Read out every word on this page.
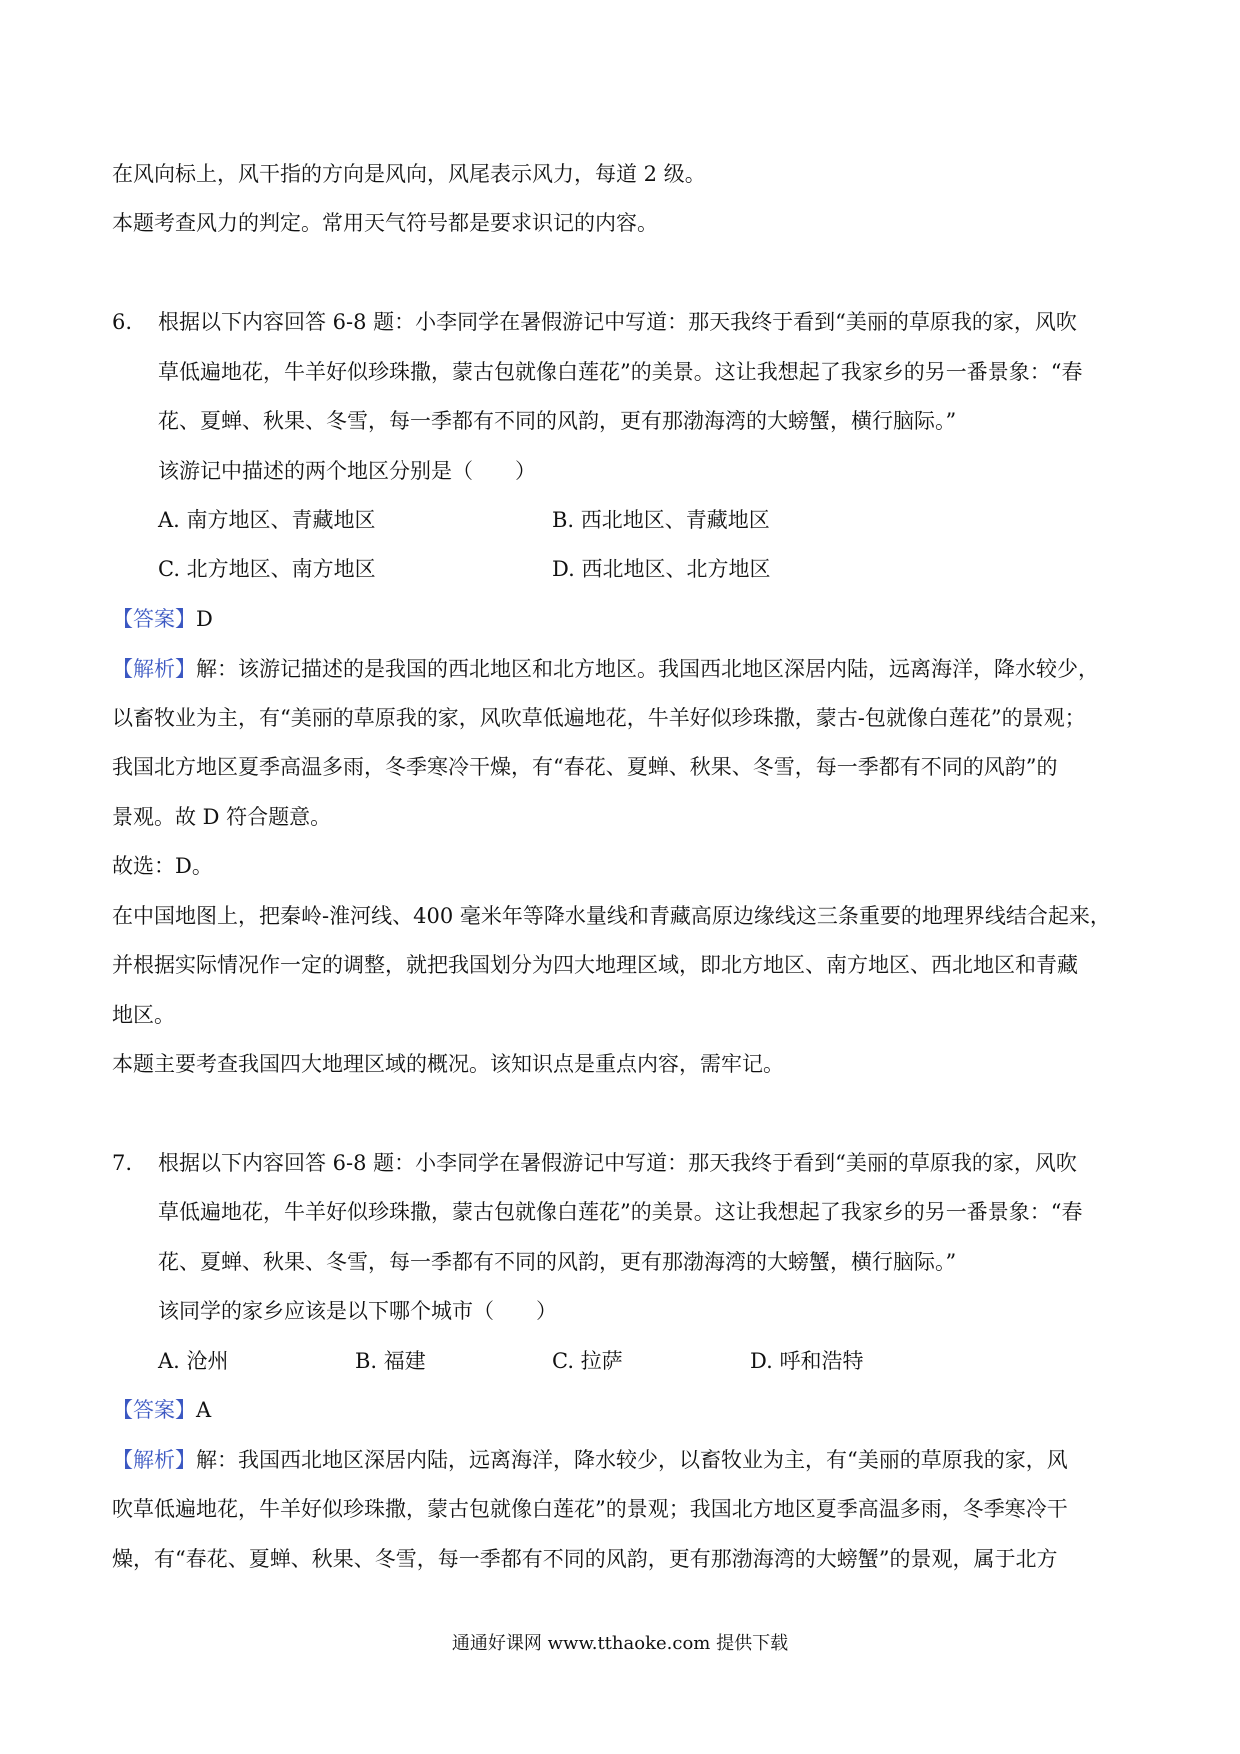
在风向标上，风干指的方向是风向，风尾表示风力，每道 2 级。
本题考查风力的判定。常用天气符号都是要求识记的内容。
6. 根据以下内容回答 6-8 题：小李同学在暑假游记中写道：那天我终于看到“美丽的草原我的家，风吹
草低遍地花，牛羊好似珍珠撒，蒙古包就像白莲花”的美景。这让我想起了我家乡的另一番景象：“春
花、夏蝉、秋果、冬雪，每一季都有不同的风韵，更有那渤海湾的大螃蟹，横行脑际。”
该游记中描述的两个地区分别是（　　）
A. 南方地区、青藏地区	B. 西北地区、青藏地区
C. 北方地区、南方地区	D. 西北地区、北方地区
【答案】D
【解析】解：该游记描述的是我国的西北地区和北方地区。我国西北地区深居内陆，远离海洋，降水较少，
以畜牧业为主，有“美丽的草原我的家，风吹草低遍地花，牛羊好似珍珠撒，蒙古-包就像白莲花”的景观；
我国北方地区夏季高温多雨，冬季寒冷干燥，有“春花、夏蝉、秋果、冬雪，每一季都有不同的风韵”的
景观。故 D 符合题意。
故选：D。
在中国地图上，把秦岭-淮河线、400 毫米年等降水量线和青藏高原边缘线这三条重要的地理界线结合起来，
并根据实际情况作一定的调整，就把我国划分为四大地理区域，即北方地区、南方地区、西北地区和青藏
地区。
本题主要考查我国四大地理区域的概况。该知识点是重点内容，需牢记。
7. 根据以下内容回答 6-8 题：小李同学在暑假游记中写道：那天我终于看到“美丽的草原我的家，风吹
草低遍地花，牛羊好似珍珠撒，蒙古包就像白莲花”的美景。这让我想起了我家乡的另一番景象：“春
花、夏蝉、秋果、冬雪，每一季都有不同的风韵，更有那渤海湾的大螃蟹，横行脑际。”
该同学的家乡应该是以下哪个城市（　　）
A. 沧州	B. 福建	C. 拉萨	D. 呼和浩特
【答案】A
【解析】解：我国西北地区深居内陆，远离海洋，降水较少，以畜牧业为主，有“美丽的草原我的家，风
吹草低遍地花，牛羊好似珍珠撒，蒙古包就像白莲花”的景观；我国北方地区夏季高温多雨，冬季寒冷干
燥，有“春花、夏蝉、秋果、冬雪，每一季都有不同的风韵，更有那渤海湾的大螃蟹”的景观，属于北方
通通好课网 www.tthaoke.com 提供下载
